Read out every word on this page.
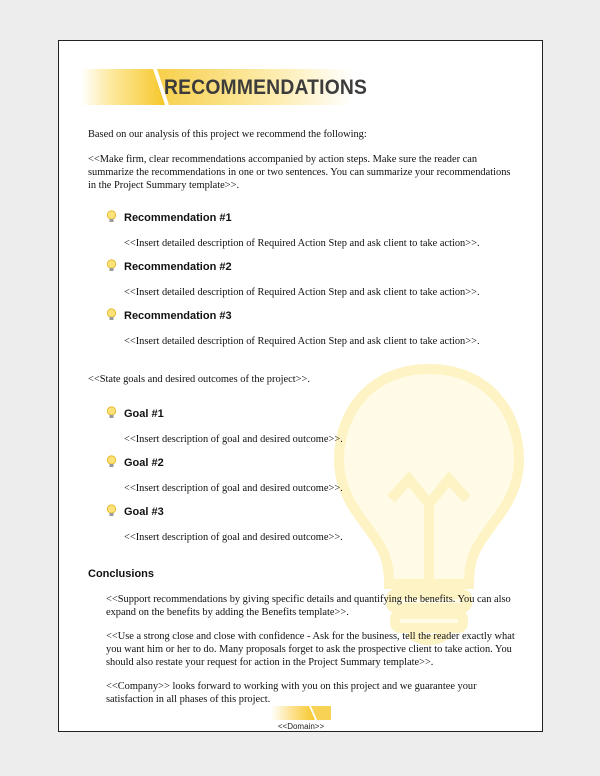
RECOMMENDATIONS
Based on our analysis of this project we recommend the following:
<<Make firm, clear recommendations accompanied by action steps. Make sure the reader can summarize the recommendations in one or two sentences. You can summarize your recommendations in the Project Summary template>>.
Recommendation #1
<<Insert detailed description of Required Action Step and ask client to take action>>.
Recommendation #2
<<Insert detailed description of Required Action Step and ask client to take action>>.
Recommendation #3
<<Insert detailed description of Required Action Step and ask client to take action>>.
<<State goals and desired outcomes of the project>>.
Goal #1
<<Insert description of goal and desired outcome>>.
Goal #2
<<Insert description of goal and desired outcome>>.
Goal #3
<<Insert description of goal and desired outcome>>.
Conclusions
<<Support recommendations by giving specific details and quantifying the benefits. You can also expand on the benefits by adding the Benefits template>>.
<<Use a strong close and close with confidence - Ask for the business, tell the reader exactly what you want him or her to do. Many proposals forget to ask the prospective client to take action. You should also restate your request for action in the Project Summary template>>.
<<Company>> looks forward to working with you on this project and we guarantee your satisfaction in all phases of this project.
<<Domain>>
